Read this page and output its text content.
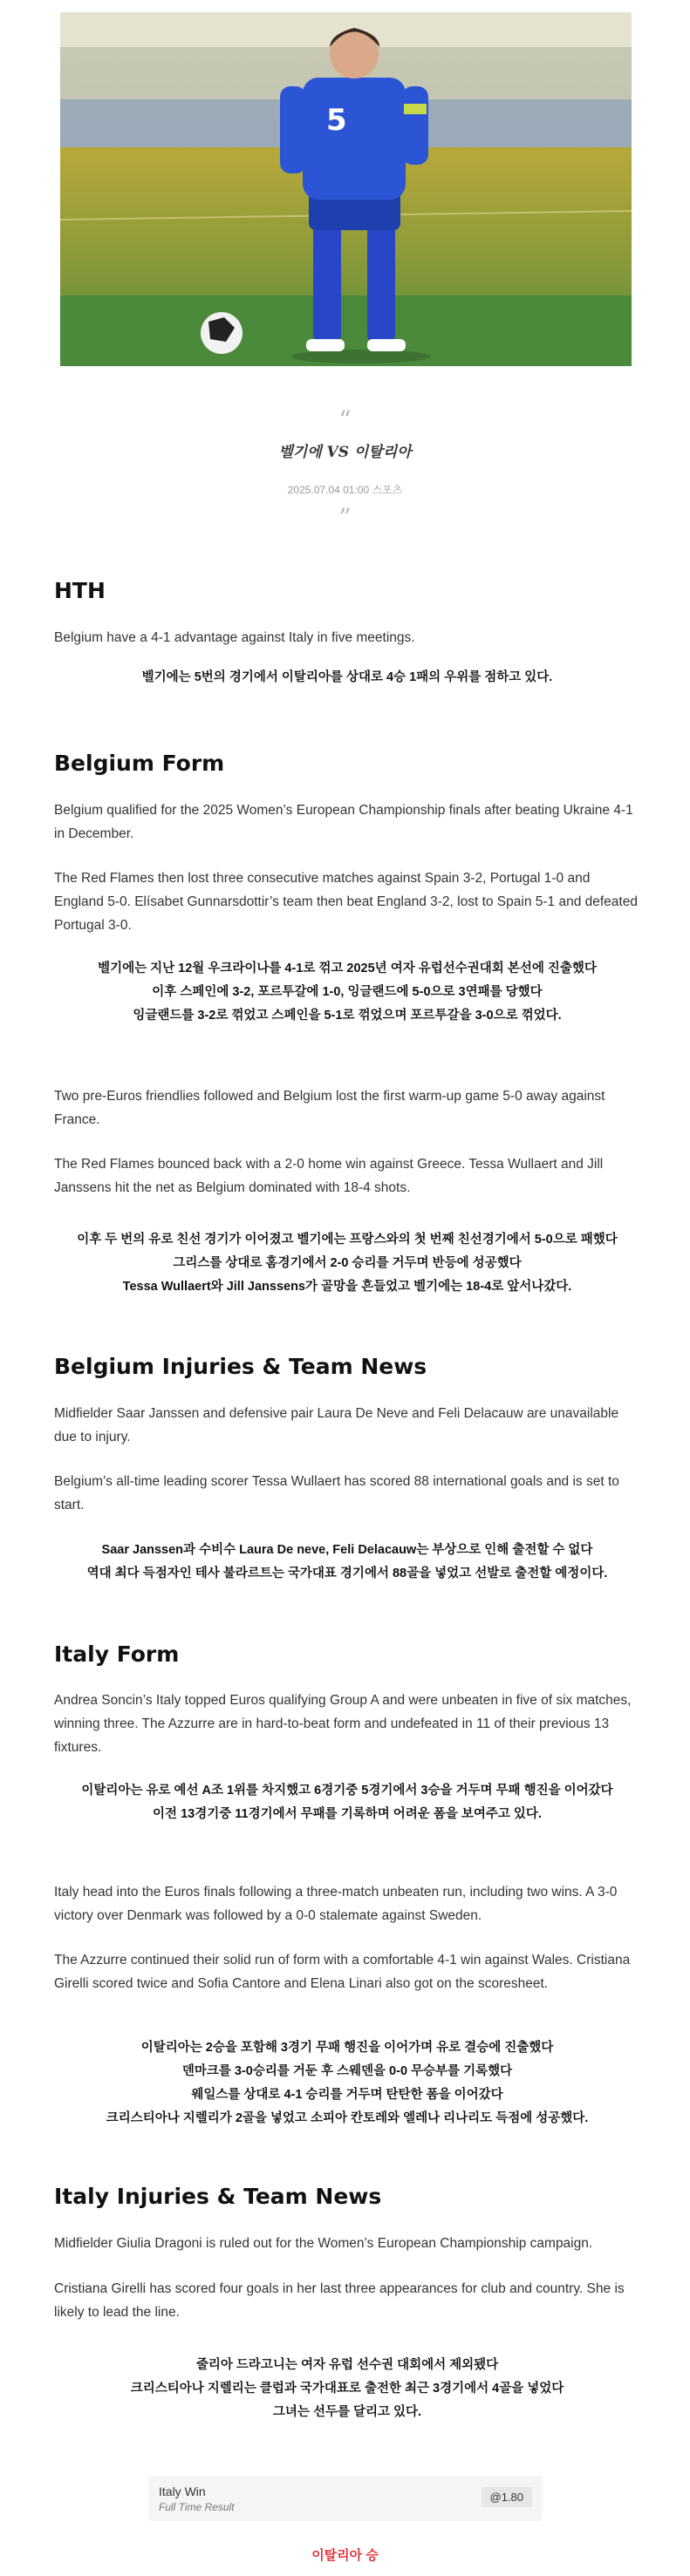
5
“
벨기에 VS 이탈리아
2025.07.04 01:00 스포츠
”
HTH

Belgium have a 4-1 advantage against Italy in five meetings.

벨기에는 5번의 경기에서 이탈리아를 상대로 4승 1패의 우위를 점하고 있다.

Belgium Form

Belgium qualified for the 2025 Women’s European Championship finals after beating Ukraine 4-1 in December.

The Red Flames then lost three consecutive matches against Spain 3-2, Portugal 1-0 and England 5-0. Elísabet Gunnarsdottir’s team then beat England 3-2, lost to Spain 5-1 and defeated Portugal 3-0.

벨기에는 지난 12월 우크라이나를 4-1로 꺾고 2025년 여자 유럽선수권대회 본선에 진출했다
이후 스페인에 3-2, 포르투갈에 1-0, 잉글랜드에 5-0으로 3연패를 당했다
잉글랜드를 3-2로 꺾었고 스페인을 5-1로 꺾었으며 포르투갈을 3-0으로 꺾었다.

Two pre-Euros friendlies followed and Belgium lost the first warm-up game 5-0 away against France.

The Red Flames bounced back with a 2-0 home win against Greece. Tessa Wullaert and Jill Janssens hit the net as Belgium dominated with 18-4 shots.

이후 두 번의 유로 친선 경기가 이어졌고 벨기에는 프랑스와의 첫 번째 친선경기에서 5-0으로 패했다
그리스를 상대로 홈경기에서 2-0 승리를 거두며 반등에 성공했다
Tessa Wullaert와 Jill Janssens가 골망을 흔들었고 벨기에는 18-4로 앞서나갔다.

Belgium Injuries & Team News

Midfielder Saar Janssen and defensive pair Laura De Neve and Feli Delacauw are unavailable due to injury.

Belgium’s all-time leading scorer Tessa Wullaert has scored 88 international goals and is set to start.

Saar Janssen과 수비수 Laura De neve, Feli Delacauw는 부상으로 인해 출전할 수 없다
역대 최다 득점자인 테사 불라르트는 국가대표 경기에서 88골을 넣었고 선발로 출전할 예정이다.

Italy Form

Andrea Soncin’s Italy topped Euros qualifying Group A and were unbeaten in five of six matches, winning three. The Azzurre are in hard-to-beat form and undefeated in 11 of their previous 13 fixtures.

이탈리아는 유로 예선 A조 1위를 차지했고 6경기중 5경기에서 3승을 거두며 무패 행진을 이어갔다
이전 13경기중 11경기에서 무패를 기록하며 어려운 폼을 보여주고 있다.

Italy head into the Euros finals following a three-match unbeaten run, including two wins. A 3-0 victory over Denmark was followed by a 0-0 stalemate against Sweden.

The Azzurre continued their solid run of form with a comfortable 4-1 win against Wales. Cristiana Girelli scored twice and Sofia Cantore and Elena Linari also got on the scoresheet.

이탈리아는 2승을 포함해 3경기 무패 행진을 이어가며 유로 결승에 진출했다
덴마크를 3-0승리를 거둔 후 스웨덴을 0-0 무승부를 기록했다
웨일스를 상대로 4-1 승리를 거두며 탄탄한 폼을 이어갔다
크리스티아나 지렐리가 2골을 넣었고 소피아 칸토레와 엘레나 리나리도 득점에 성공했다.

Italy Injuries & Team News

Midfielder Giulia Dragoni is ruled out for the Women’s European Championship campaign.

Cristiana Girelli has scored four goals in her last three appearances for club and country. She is likely to lead the line.

줄리아 드라고니는 여자 유럽 선수권 대회에서 제외됐다
크리스티아나 지렐리는 클럽과 국가대표로 출전한 최근 3경기에서 4골을 넣었다
그녀는 선두를 달리고 있다.

Italy Win
Full Time Result
@1.80
이탈리아 승
